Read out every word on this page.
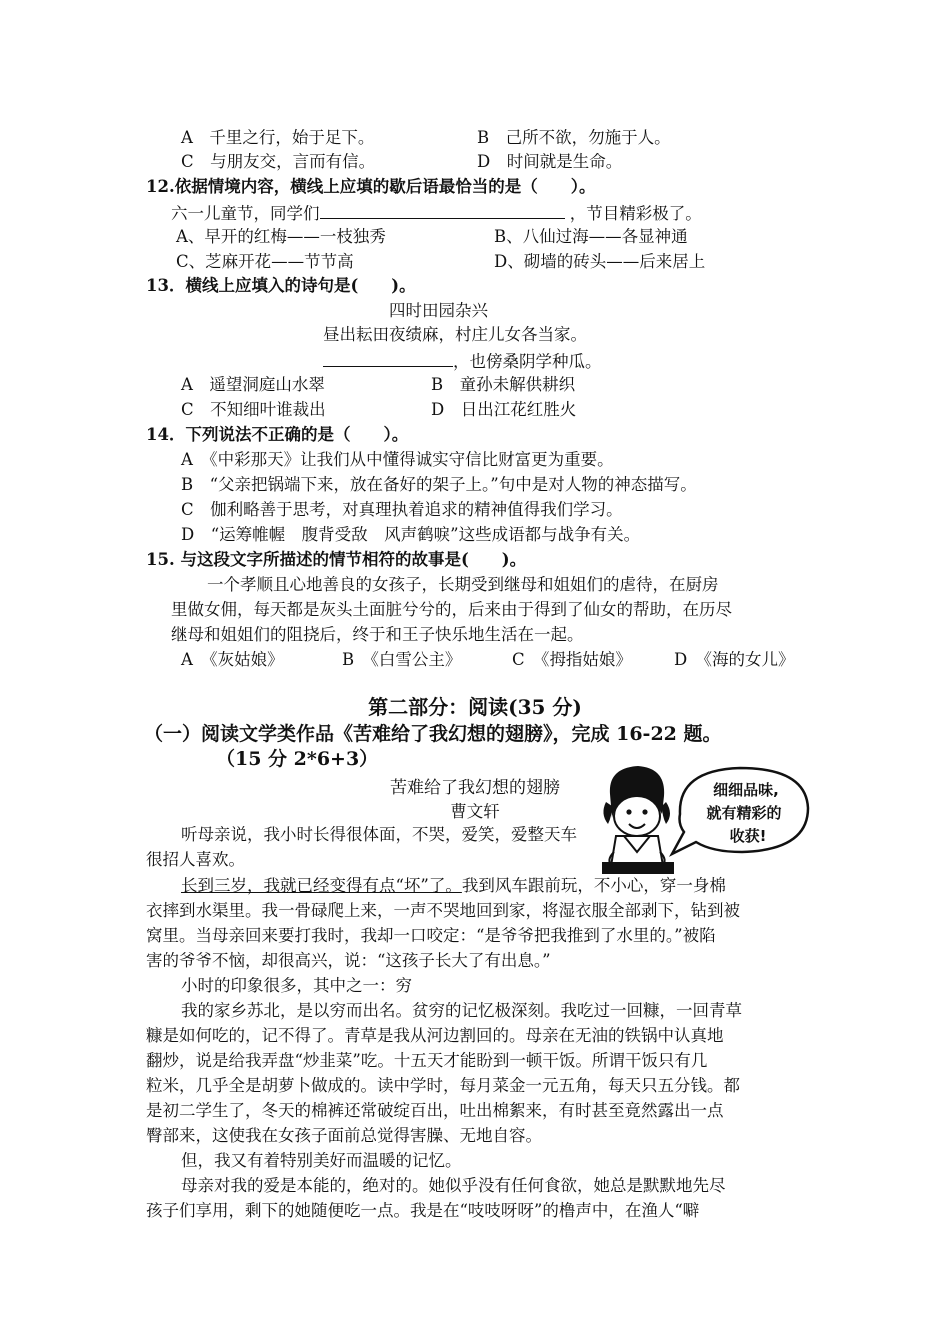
A　千里之行，始于足下。	B　己所不欲，勿施于人。
C　与朋友交，言而有信。	D　时间就是生命。
12.依据情境内容，横线上应填的歇后语最恰当的是（　　）。
六一儿童节，同学们	，节目精彩极了。
A、早开的红梅——一枝独秀	B、八仙过海——各显神通
C、芝麻开花——节节高	D、砌墙的砖头——后来居上
13．横线上应填入的诗句是(　　)。
四时田园杂兴
昼出耘田夜绩麻，村庄儿女各当家。
，也傍桑阴学种瓜。
A　遥望洞庭山水翠	B　童孙未解供耕织
C　不知细叶谁裁出	D　日出江花红胜火
14．下列说法不正确的是（　　）。
A　《中彩那天》让我们从中懂得诚实守信比财富更为重要。
B　“父亲把锅端下来，放在备好的架子上。”句中是对人物的神态描写。
C　伽利略善于思考，对真理执着追求的精神值得我们学习。
D　“运筹帷幄　腹背受敌　风声鹤唳”这些成语都与战争有关。
15. 与这段文字所描述的情节相符的故事是(　　)。
一个孝顺且心地善良的女孩子，长期受到继母和姐姐们的虐待，在厨房
里做女佣，每天都是灰头土面脏兮兮的，后来由于得到了仙女的帮助，在历尽
继母和姐姐们的阻挠后，终于和王子快乐地生活在一起。
A　《灰姑娘》	B　《白雪公主》	C　《拇指姑娘》	D　《海的女儿》
第二部分：阅读(35 分)
（一）阅读文学类作品《苦难给了我幻想的翅膀》，完成 16-22 题。
（15 分 2*6+3）
苦难给了我幻想的翅膀
曹文轩
细细品味,
就有精彩的
收获!
听母亲说，我小时长得很体面，不哭，爱笑，爱整天车
很招人喜欢。
长到三岁，我就已经变得有点“坏”了。我到风车跟前玩，不小心，穿一身棉
衣摔到水渠里。我一骨碌爬上来，一声不哭地回到家，将湿衣服全部剥下，钻到被
窝里。当母亲回来要打我时，我却一口咬定：“是爷爷把我推到了水里的。”被陷
害的爷爷不恼，却很高兴，说：“这孩子长大了有出息。”
小时的印象很多，其中之一：穷
我的家乡苏北，是以穷而出名。贫穷的记忆极深刻。我吃过一回糠，一回青草
糠是如何吃的，记不得了。青草是我从河边割回的。母亲在无油的铁锅中认真地
翻炒，说是给我弄盘“炒韭菜”吃。十五天才能盼到一顿干饭。所谓干饭只有几
粒米，几乎全是胡萝卜做成的。读中学时，每月菜金一元五角，每天只五分钱。都
是初二学生了，冬天的棉裤还常破绽百出，吐出棉絮来，有时甚至竟然露出一点
臀部来，这使我在女孩子面前总觉得害臊、无地自容。
但，我又有着特别美好而温暖的记忆。
母亲对我的爱是本能的，绝对的。她似乎没有任何食欲，她总是默默地先尽
孩子们享用，剩下的她随便吃一点。我是在“吱吱呀呀”的橹声中，在渔人“噼
